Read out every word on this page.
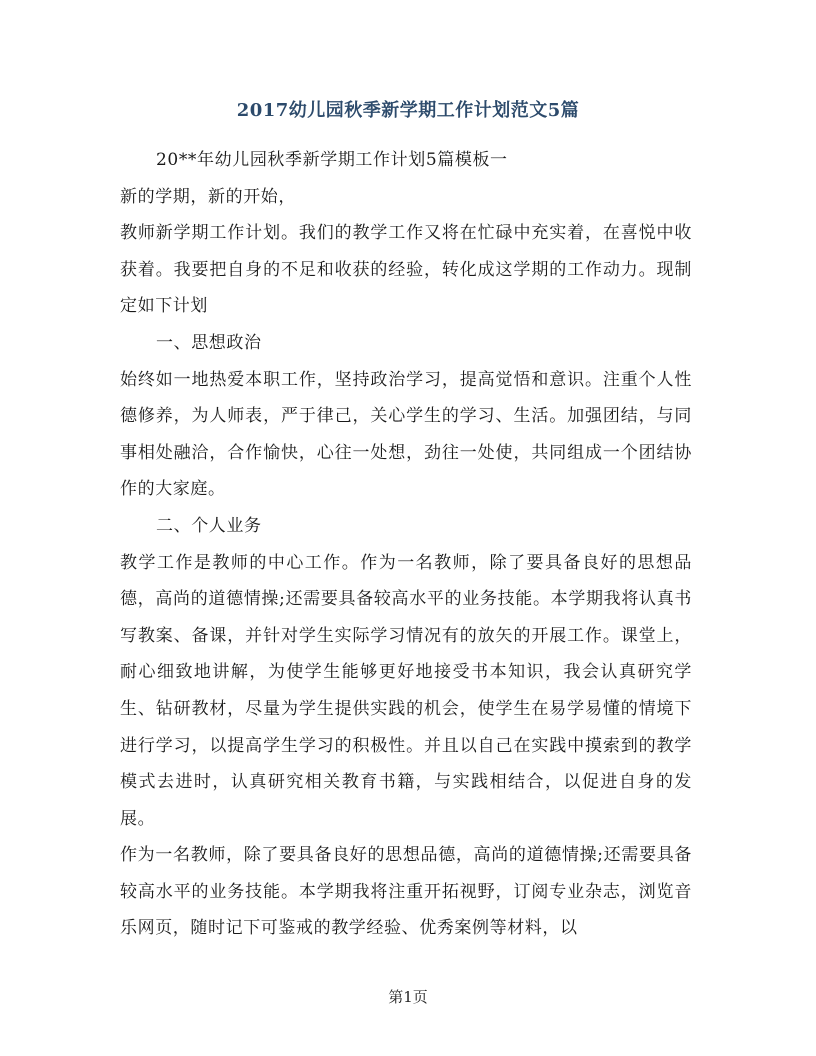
2017幼儿园秋季新学期工作计划范文5篇

20**年幼儿园秋季新学期工作计划5篇模板一

新的学期，新的开始，

教师新学期工作计划。我们的教学工作又将在忙碌中充实着，在喜悦中收获着。我要把自身的不足和收获的经验，转化成这学期的工作动力。现制定如下计划

一、思想政治

始终如一地热爱本职工作，坚持政治学习，提高觉悟和意识。注重个人性德修养，为人师表，严于律己，关心学生的学习、生活。加强团结，与同事相处融洽，合作愉快，心往一处想，劲往一处使，共同组成一个团结协作的大家庭。

二、个人业务

教学工作是教师的中心工作。作为一名教师，除了要具备良好的思想品德，高尚的道德情操;还需要具备较高水平的业务技能。本学期我将认真书写教案、备课，并针对学生实际学习情况有的放矢的开展工作。课堂上，耐心细致地讲解，为使学生能够更好地接受书本知识，我会认真研究学生、钻研教材，尽量为学生提供实践的机会，使学生在易学易懂的情境下进行学习，以提高学生学习的积极性。并且以自己在实践中摸索到的教学模式去进时，认真研究相关教育书籍，与实践相结合，以促进自身的发展。

作为一名教师，除了要具备良好的思想品德，高尚的道德情操;还需要具备较高水平的业务技能。本学期我将注重开拓视野，订阅专业杂志，浏览音乐网页，随时记下可鉴戒的教学经验、优秀案例等材料，以

第1页
